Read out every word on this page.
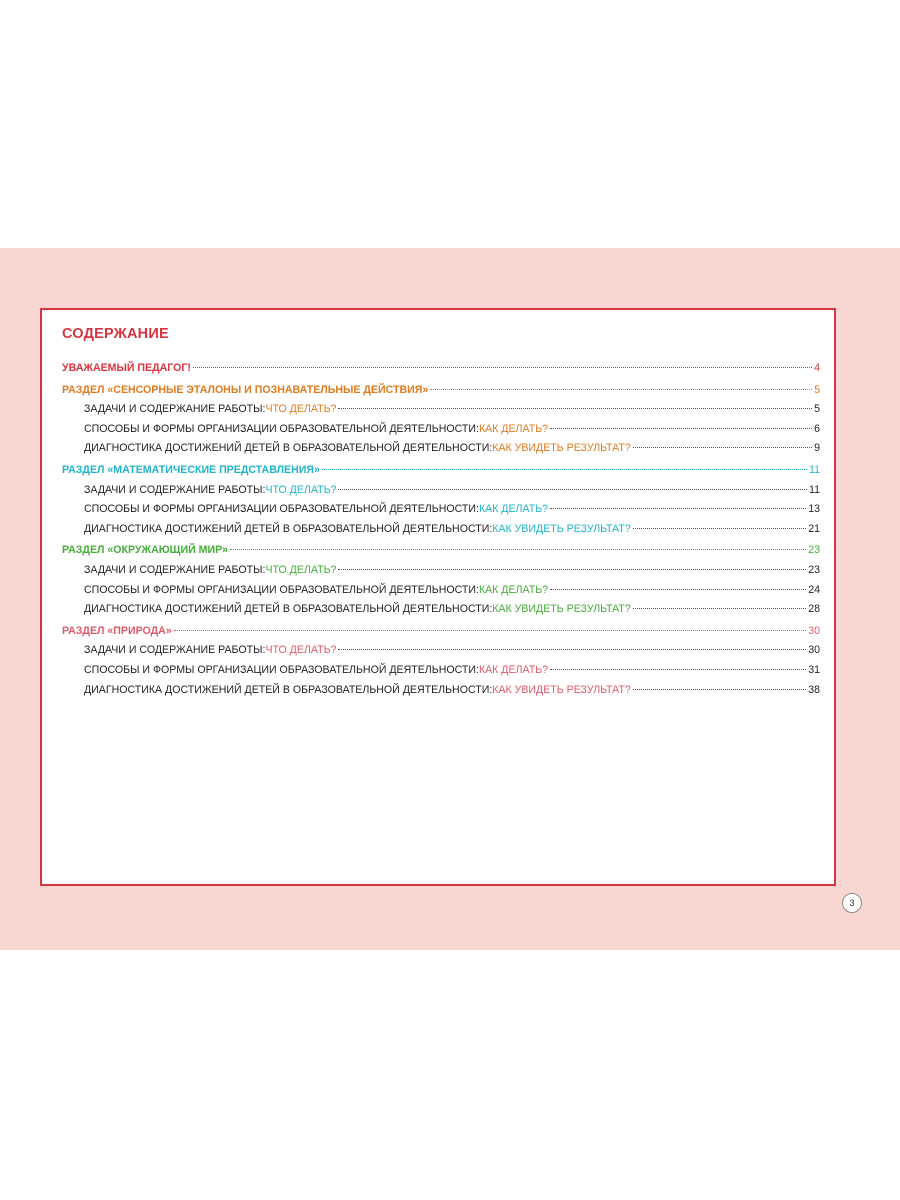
СОДЕРЖАНИЕ
УВАЖАЕМЫЙ ПЕДАГОГ!	4
РАЗДЕЛ «СЕНСОРНЫЕ ЭТАЛОНЫ И ПОЗНАВАТЕЛЬНЫЕ ДЕЙСТВИЯ»	5
ЗАДАЧИ И СОДЕРЖАНИЕ РАБОТЫ: ЧТО ДЕЛАТЬ?	5
СПОСОБЫ И ФОРМЫ ОРГАНИЗАЦИИ ОБРАЗОВАТЕЛЬНОЙ ДЕЯТЕЛЬНОСТИ: КАК ДЕЛАТЬ?	6
ДИАГНОСТИКА ДОСТИЖЕНИЙ ДЕТЕЙ В ОБРАЗОВАТЕЛЬНОЙ ДЕЯТЕЛЬНОСТИ: КАК УВИДЕТЬ РЕЗУЛЬТАТ?	9
РАЗДЕЛ «МАТЕМАТИЧЕСКИЕ ПРЕДСТАВЛЕНИЯ»	11
ЗАДАЧИ И СОДЕРЖАНИЕ РАБОТЫ: ЧТО ДЕЛАТЬ?	11
СПОСОБЫ И ФОРМЫ ОРГАНИЗАЦИИ ОБРАЗОВАТЕЛЬНОЙ ДЕЯТЕЛЬНОСТИ: КАК ДЕЛАТЬ?	13
ДИАГНОСТИКА ДОСТИЖЕНИЙ ДЕТЕЙ В ОБРАЗОВАТЕЛЬНОЙ ДЕЯТЕЛЬНОСТИ: КАК УВИДЕТЬ РЕЗУЛЬТАТ?	21
РАЗДЕЛ «ОКРУЖАЮЩИЙ МИР»	23
ЗАДАЧИ И СОДЕРЖАНИЕ РАБОТЫ: ЧТО ДЕЛАТЬ?	23
СПОСОБЫ И ФОРМЫ ОРГАНИЗАЦИИ ОБРАЗОВАТЕЛЬНОЙ ДЕЯТЕЛЬНОСТИ: КАК ДЕЛАТЬ?	24
ДИАГНОСТИКА ДОСТИЖЕНИЙ ДЕТЕЙ В ОБРАЗОВАТЕЛЬНОЙ ДЕЯТЕЛЬНОСТИ: КАК УВИДЕТЬ РЕЗУЛЬТАТ?	28
РАЗДЕЛ «ПРИРОДА»	30
ЗАДАЧИ И СОДЕРЖАНИЕ РАБОТЫ: ЧТО ДЕЛАТЬ?	30
СПОСОБЫ И ФОРМЫ ОРГАНИЗАЦИИ ОБРАЗОВАТЕЛЬНОЙ ДЕЯТЕЛЬНОСТИ: КАК ДЕЛАТЬ?	31
ДИАГНОСТИКА ДОСТИЖЕНИЙ ДЕТЕЙ В ОБРАЗОВАТЕЛЬНОЙ ДЕЯТЕЛЬНОСТИ: КАК УВИДЕТЬ РЕЗУЛЬТАТ?	38
3
